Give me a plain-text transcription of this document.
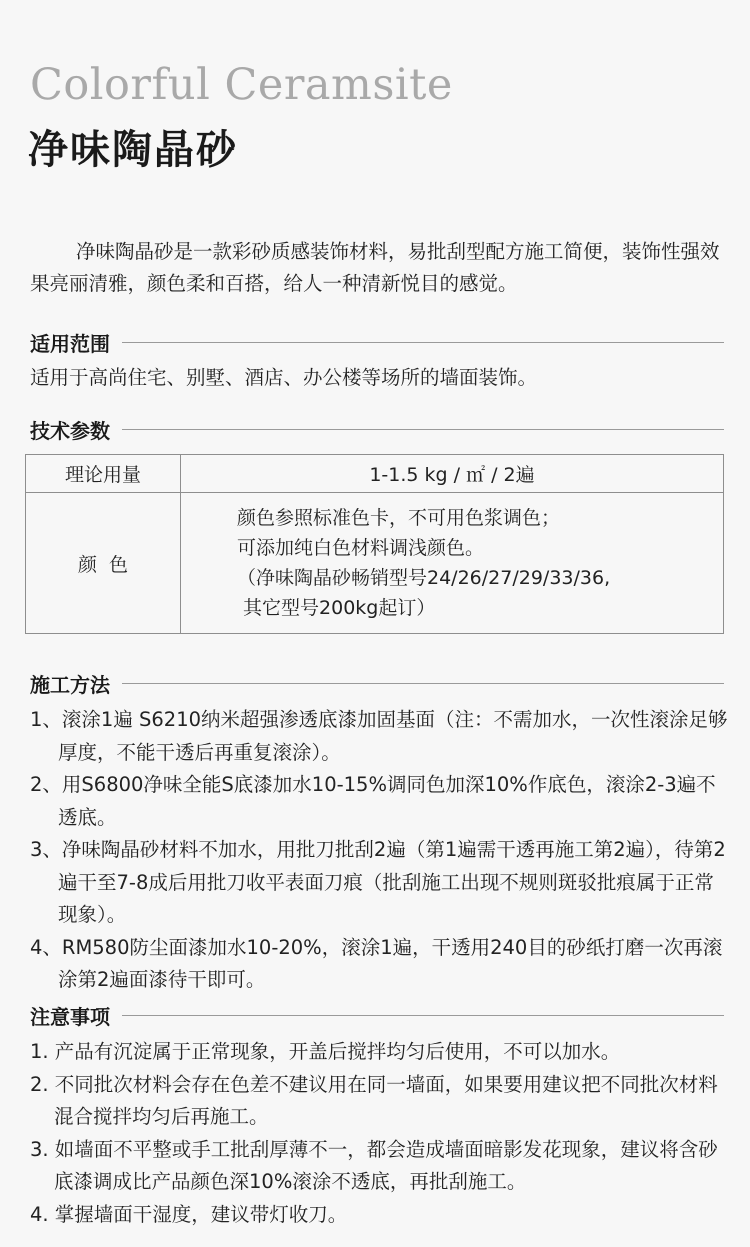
Colorful Ceramsite
净味陶晶砂

净味陶晶砂是一款彩砂质感装饰材料，易批刮型配方施工简便，装饰性强效果亮丽清雅，颜色柔和百搭，给人一种清新悦目的感觉。

适用范围
适用于高尚住宅、别墅、酒店、办公楼等场所的墙面装饰。
技术参数
理论用量	1-1.5 kg / ㎡ / 2遍
颜  色	颜色参照标准色卡，不可用色浆调色；
可添加纯白色材料调浅颜色。
（净味陶晶砂畅销型号24/26/27/29/33/36,
其它型号200kg起订）
施工方法
1、滚涂1遍 S6210纳米超强渗透底漆加固基面（注：不需加水，一次性滚涂足够厚度，不能干透后再重复滚涂）。
2、用S6800净味全能S底漆加水10-15%调同色加深10%作底色，滚涂2-3遍不透底。
3、净味陶晶砂材料不加水，用批刀批刮2遍（第1遍需干透再施工第2遍），待第2遍干至7-8成后用批刀收平表面刀痕（批刮施工出现不规则斑驳批痕属于正常现象）。
4、RM580防尘面漆加水10-20%，滚涂1遍，干透用240目的砂纸打磨一次再滚涂第2遍面漆待干即可。
注意事项
1. 产品有沉淀属于正常现象，开盖后搅拌均匀后使用，不可以加水。
2. 不同批次材料会存在色差不建议用在同一墙面，如果要用建议把不同批次材料混合搅拌均匀后再施工。
3. 如墙面不平整或手工批刮厚薄不一，都会造成墙面暗影发花现象，建议将含砂底漆调成比产品颜色深10%滚涂不透底，再批刮施工。
4. 掌握墙面干湿度，建议带灯收刀。
